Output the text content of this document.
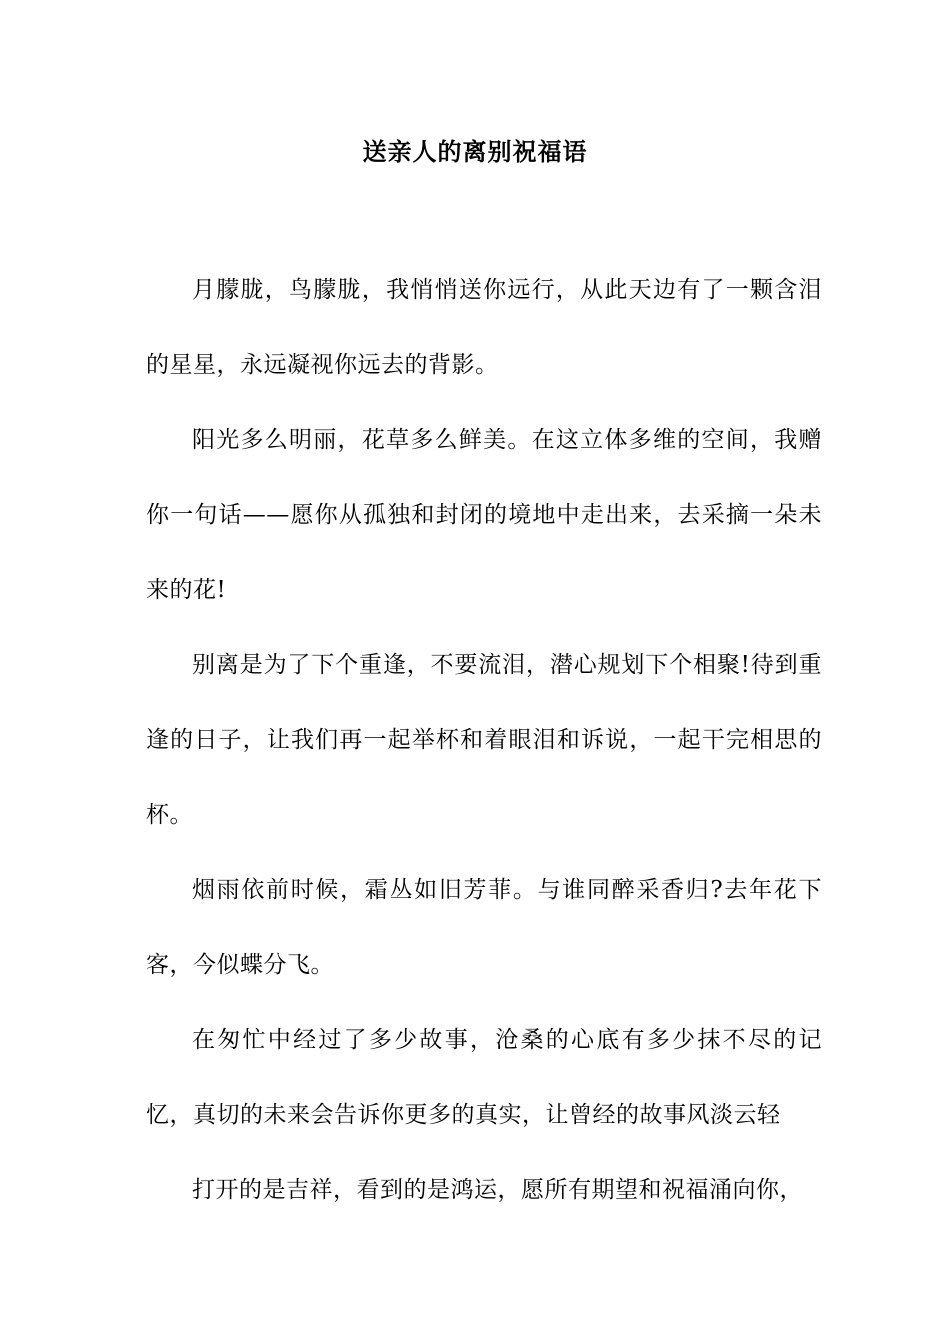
送亲人的离别祝福语

月朦胧，鸟朦胧，我悄悄送你远行，从此天边有了一颗含泪的星星，永远凝视你远去的背影。

阳光多么明丽，花草多么鲜美。在这立体多维的空间，我赠你一句话——愿你从孤独和封闭的境地中走出来，去采摘一朵未来的花!

别离是为了下个重逢，不要流泪，潜心规划下个相聚!待到重逢的日子，让我们再一起举杯和着眼泪和诉说，一起干完相思的杯。

烟雨依前时候，霜丛如旧芳菲。与谁同醉采香归?去年花下客，今似蝶分飞。

在匆忙中经过了多少故事，沧桑的心底有多少抹不尽的记忆，真切的未来会告诉你更多的真实，让曾经的故事风淡云轻

打开的是吉祥，看到的是鸿运，愿所有期望和祝福涌向你，
